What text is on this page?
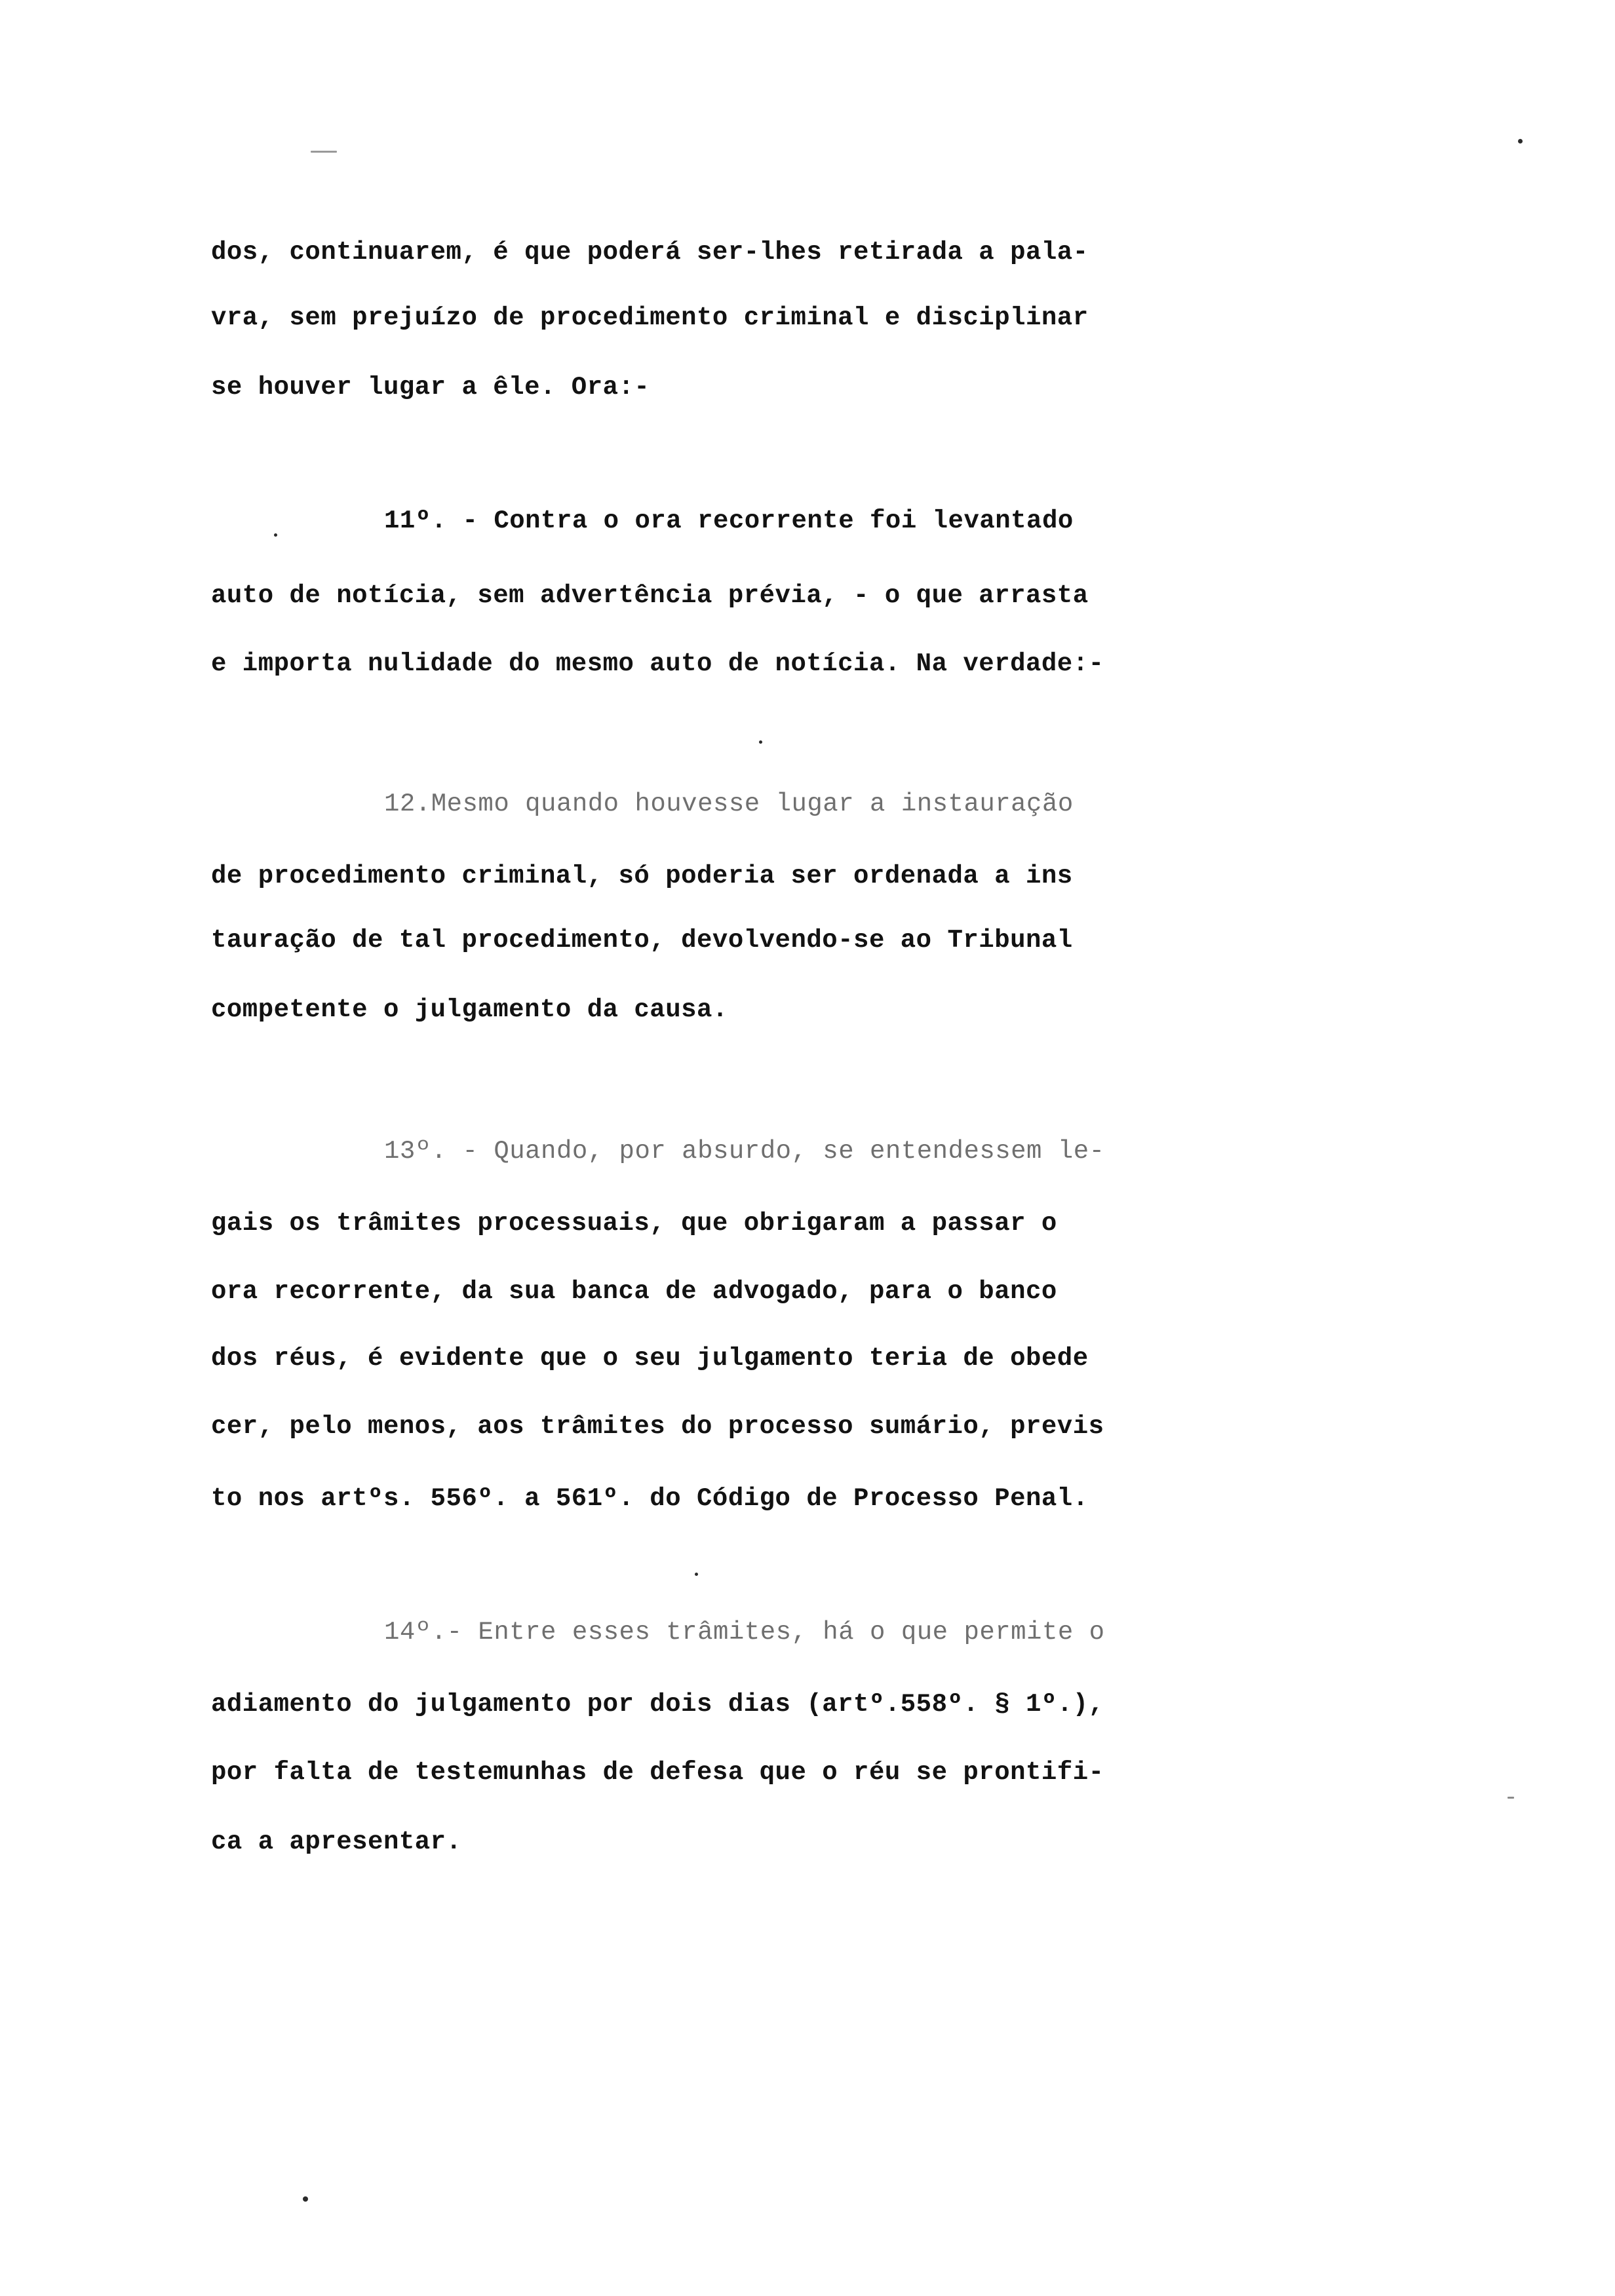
dos, continuarem, é que poderá ser-lhes retirada a pala-
vra, sem prejuízo de procedimento criminal e disciplinar
se houver lugar a êle. Ora:-
11º. - Contra o ora recorrente foi levantado
auto de notícia, sem advertência prévia, - o que arrasta
e importa nulidade do mesmo auto de notícia. Na verdade:-
12.Mesmo quando houvesse lugar a instauração
de procedimento criminal, só poderia ser ordenada a ins
tauração de tal procedimento, devolvendo-se ao Tribunal
competente o julgamento da causa.
13º. - Quando, por absurdo, se entendessem le-
gais os trâmites processuais, que obrigaram a passar o
ora recorrente, da sua banca de advogado, para o banco
dos réus, é evidente que o seu julgamento teria de obede
cer, pelo menos, aos trâmites do processo sumário, previs
to nos artºs. 556º. a 561º. do Código de Processo Penal.
14º.- Entre esses trâmites, há o que permite o
adiamento do julgamento por dois dias (artº.558º. § 1º.),
por falta de testemunhas de defesa que o réu se prontifi-
ca a apresentar.
